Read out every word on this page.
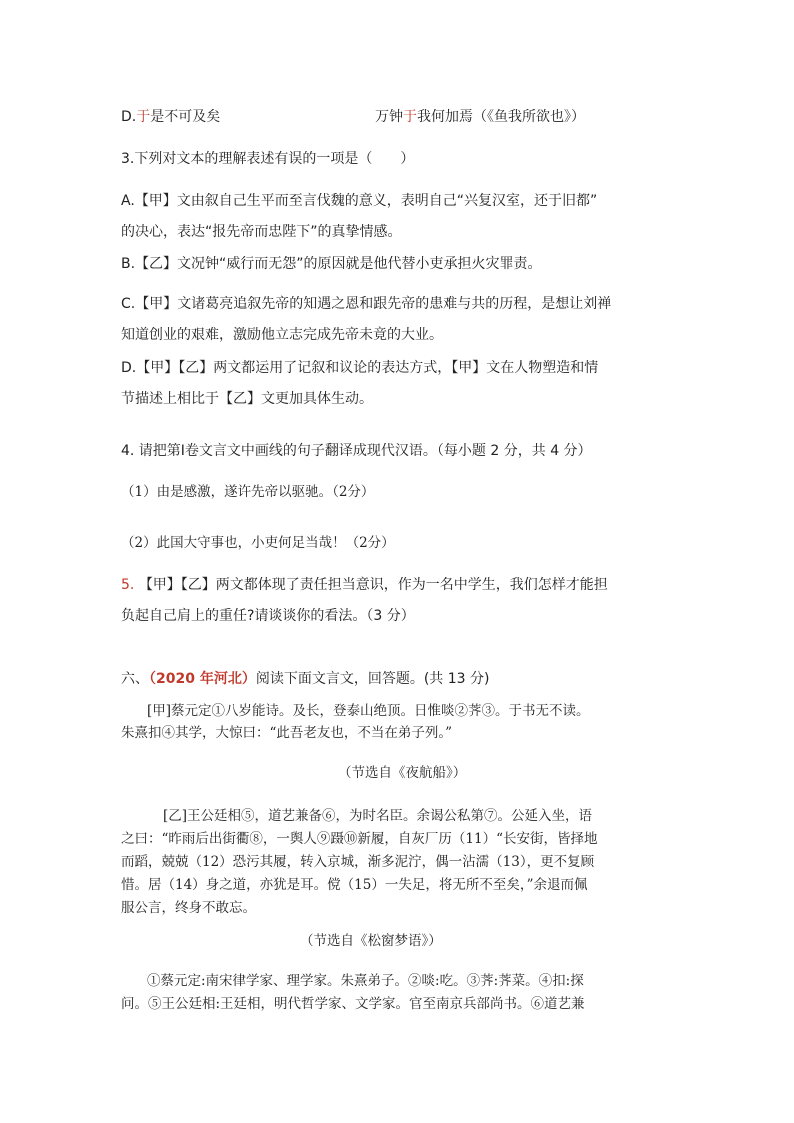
D.于是不可及矣	万钟于我何加焉（《鱼我所欲也》）
3.下列对文本的理解表述有误的一项是（　　）
A.【甲】文由叙自己生平而至言伐魏的意义，表明自己“兴复汉室，还于旧都”
的决心，表达“报先帝而忠陛下”的真挚情感。
B.【乙】文况钟“威行而无怨”的原因就是他代替小吏承担火灾罪责。
C.【甲】文诸葛亮追叙先帝的知遇之恩和跟先帝的患难与共的历程，是想让刘禅
知道创业的艰难，激励他立志完成先帝未竟的大业。
D.【甲】【乙】两文都运用了记叙和议论的表达方式，【甲】文在人物塑造和情
节描述上相比于【乙】文更加具体生动。
4. 请把第Ⅰ卷文言文中画线的句子翻译成现代汉语。（每小题 2 分，共 4 分）
（1）由是感激，遂许先帝以驱驰。（2分）
（2）此国大守事也，小吏何足当哉！（2分）
5. 【甲】【乙】两文都体现了责任担当意识，作为一名中学生，我们怎样才能担
负起自己肩上的重任?请谈谈你的看法。（3 分）
六、（2020 年河北）阅读下面文言文，回答题。(共 13 分)
[甲]蔡元定①八岁能诗。及长，登泰山绝顶。日惟啖②荠③。于书无不读。
朱熹扣④其学，大惊曰：“此吾老友也，不当在弟子列。”
（节选自《夜航船》）
[乙]王公廷相⑤，道艺兼备⑥，为时名臣。余谒公私第⑦。公延入坐，语
之曰：“昨雨后出街衢⑧，一舆人⑨蹑⑩新履，自灰厂历（11）“长安街，皆择地
而蹈，兢兢（12）恐污其履，转入京城，渐多泥泞，偶一沾濡（13），更不复顾
惜。居（14）身之道，亦犹是耳。傥（15）一失足，将无所不至矣，”余退而佩
服公言，终身不敢忘。
（节选自《松窗梦语》）
①蔡元定:南宋律学家、理学家。朱熹弟子。②啖:吃。③荠:荠菜。④扣:探
问。⑤王公廷相:王廷相，明代哲学家、文学家。官至南京兵部尚书。⑥道艺兼
